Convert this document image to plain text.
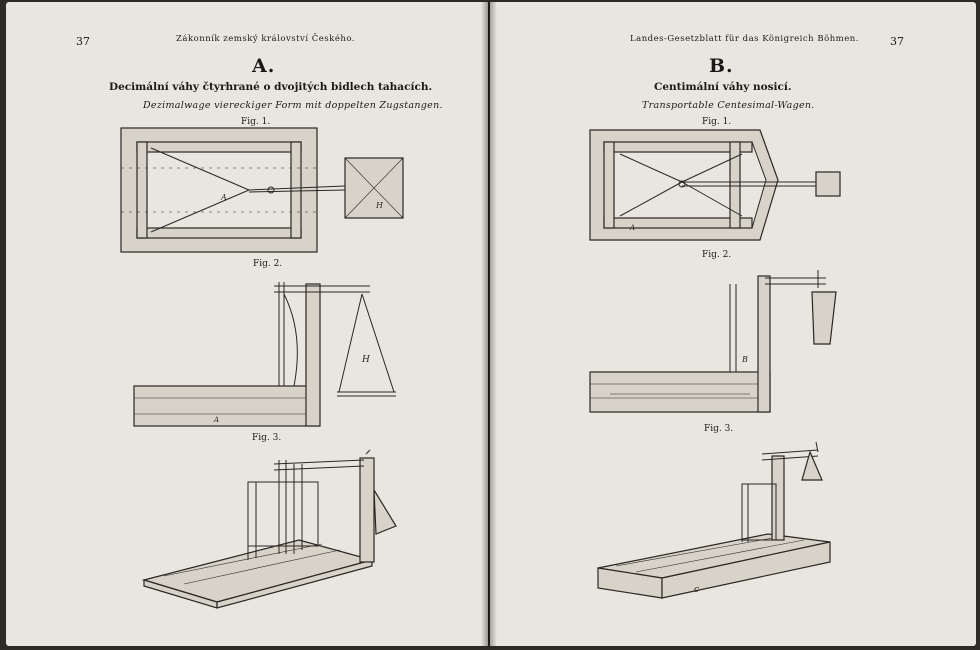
37	Zákonník zemský království Českého.
A.
Decimální váhy čtyrhrané o dvojitých bidlech tahacích.
Dezimalwage viereckiger Form mit doppelten Zugstangen.
Fig. 1.
A
H
Fig. 2.
H
A
Fig. 3.
Landes-Gesetzblatt für das Königreich Böhmen.	37
B.
Centimální váhy nosicí.
Transportable Centesimal-Wagen.
Fig. 1.
A
Fig. 2.
B
Fig. 3.
c
